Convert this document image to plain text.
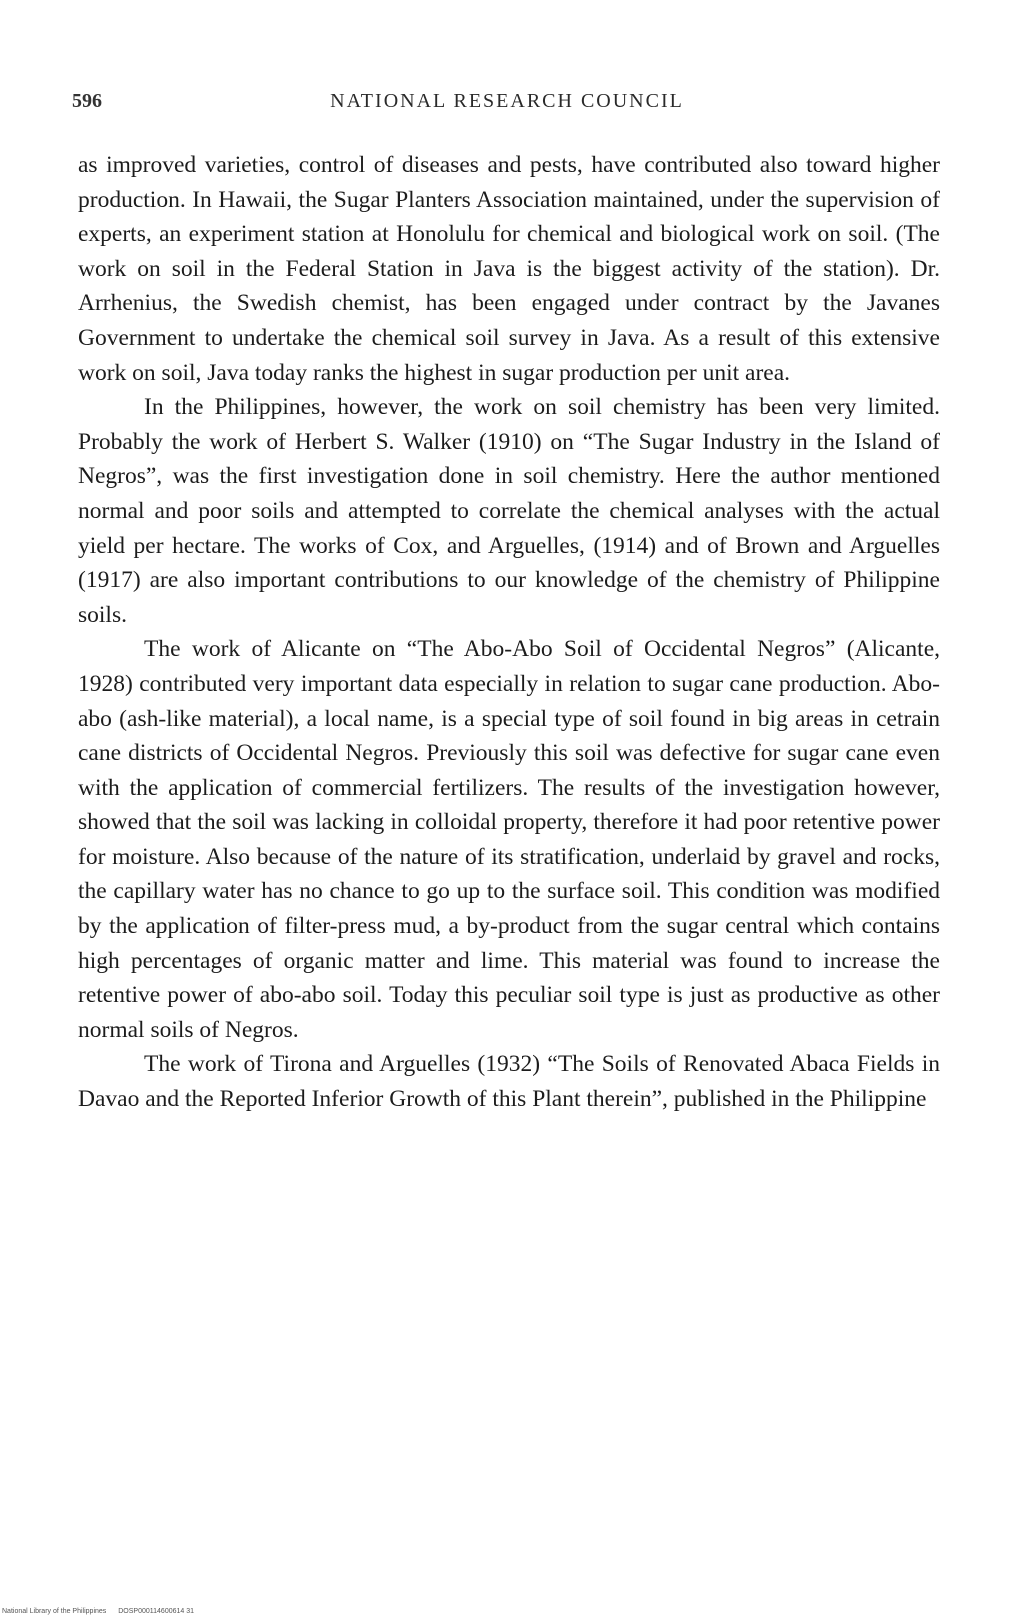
596	NATIONAL RESEARCH COUNCIL

as improved varieties, control of diseases and pests, have contributed also toward higher production. In Hawaii, the Sugar Planters Association maintained, under the supervision of experts, an experiment station at Honolulu for chemical and biological work on soil. (The work on soil in the Federal Station in Java is the biggest activity of the station). Dr. Arrhenius, the Swedish chemist, has been engaged under contract by the Javanes Government to undertake the chemical soil survey in Java. As a result of this extensive work on soil, Java today ranks the highest in sugar production per unit area.

In the Philippines, however, the work on soil chemistry has been very limited. Probably the work of Herbert S. Walker (1910) on “The Sugar Industry in the Island of Negros”, was the first investigation done in soil chemistry. Here the author mentioned normal and poor soils and attempted to correlate the chemical analyses with the actual yield per hectare. The works of Cox, and Arguelles, (1914) and of Brown and Arguelles (1917) are also important contributions to our knowledge of the chemistry of Philippine soils.

The work of Alicante on “The Abo-Abo Soil of Occidental Negros” (Alicante, 1928) contributed very important data especially in relation to sugar cane production. Abo-abo (ash-like material), a local name, is a special type of soil found in big areas in cetrain cane districts of Occidental Negros. Previously this soil was defective for sugar cane even with the application of commercial fertilizers. The results of the investigation however, showed that the soil was lacking in colloidal property, therefore it had poor retentive power for moisture. Also because of the nature of its stratification, underlaid by gravel and rocks, the capillary water has no chance to go up to the surface soil. This condition was modified by the application of filter-press mud, a by-product from the sugar central which contains high percentages of organic matter and lime. This material was found to increase the retentive power of abo-abo soil. Today this peculiar soil type is just as productive as other normal soils of Negros.

The work of Tirona and Arguelles (1932) “The Soils of Renovated Abaca Fields in Davao and the Reported Inferior Growth of this Plant therein”, published in the Philippine

National Library of the Philippines DOSP000114600614 31
